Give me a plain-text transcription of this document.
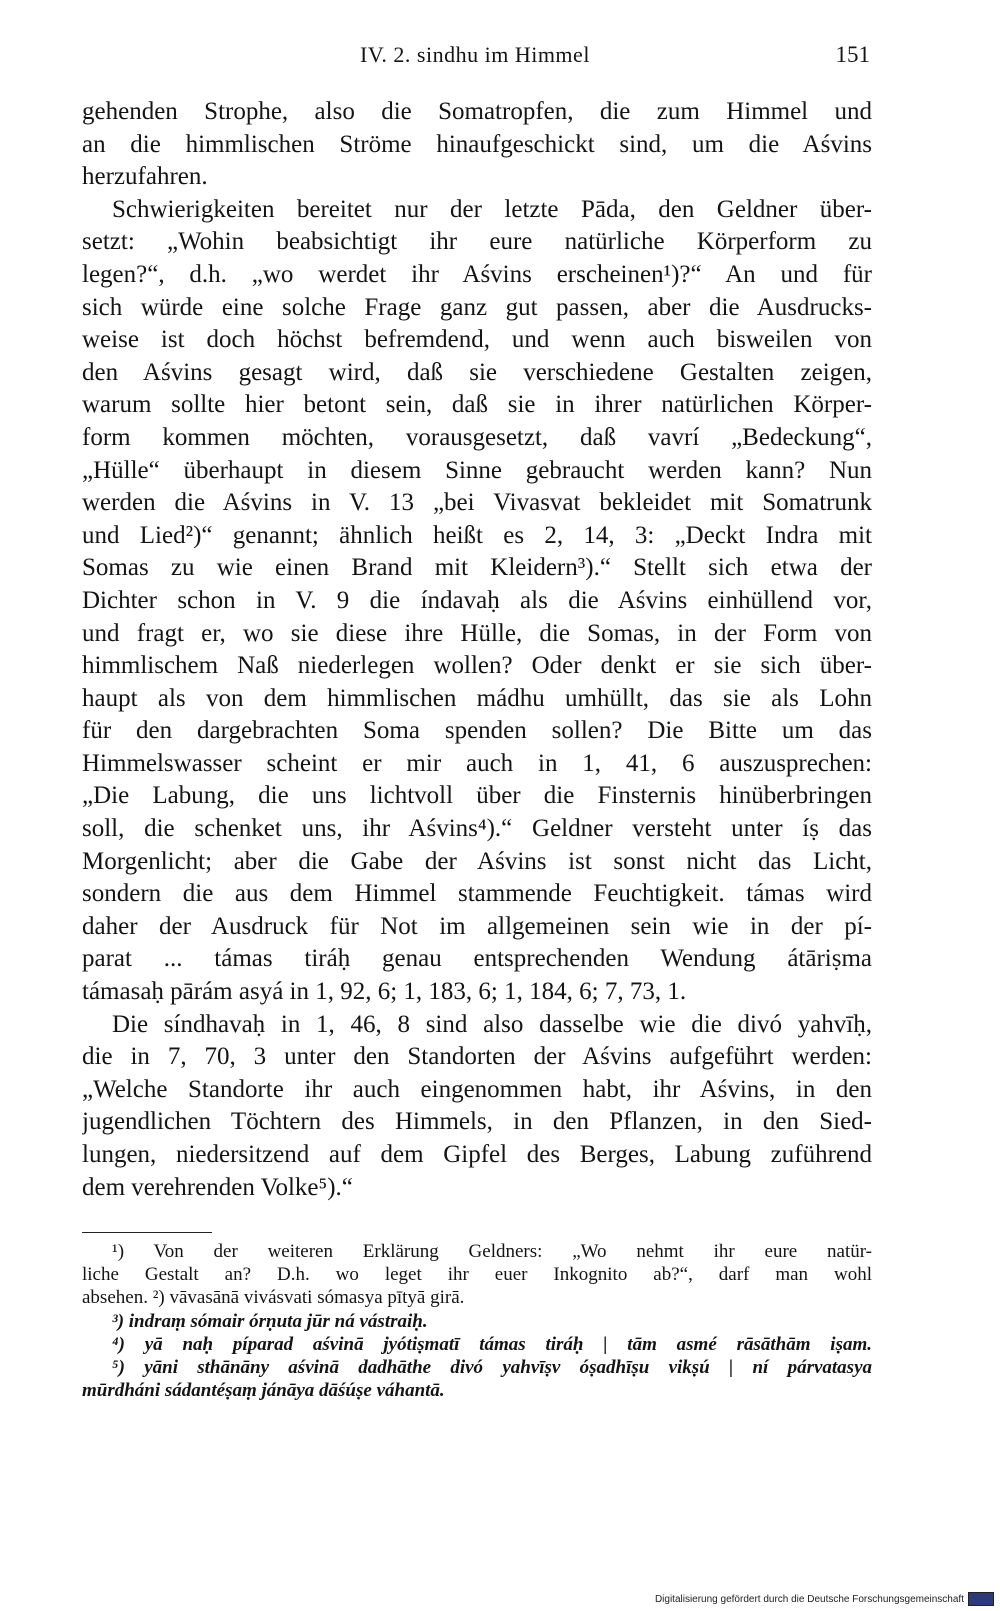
IV. 2. sindhu im Himmel	151
gehenden Strophe, also die Somatropfen, die zum Himmel und
an die himmlischen Ströme hinaufgeschickt sind, um die Aśvins
herzufahren.
Schwierigkeiten bereitet nur der letzte Pāda, den Geldner über-
setzt: „Wohin beabsichtigt ihr eure natürliche Körperform zu
legen?“, d.h. „wo werdet ihr Aśvins erscheinen¹)?“ An und für
sich würde eine solche Frage ganz gut passen, aber die Ausdrucks-
weise ist doch höchst befremdend, und wenn auch bisweilen von
den Aśvins gesagt wird, daß sie verschiedene Gestalten zeigen,
warum sollte hier betont sein, daß sie in ihrer natürlichen Körper-
form kommen möchten, vorausgesetzt, daß vavrí „Bedeckung“,
„Hülle“ überhaupt in diesem Sinne gebraucht werden kann? Nun
werden die Aśvins in V. 13 „bei Vivasvat bekleidet mit Somatrunk
und Lied²)“ genannt; ähnlich heißt es 2, 14, 3: „Deckt Indra mit
Somas zu wie einen Brand mit Kleidern³).“ Stellt sich etwa der
Dichter schon in V. 9 die índavaḥ als die Aśvins einhüllend vor,
und fragt er, wo sie diese ihre Hülle, die Somas, in der Form von
himmlischem Naß niederlegen wollen? Oder denkt er sie sich über-
haupt als von dem himmlischen mádhu umhüllt, das sie als Lohn
für den dargebrachten Soma spenden sollen? Die Bitte um das
Himmelswasser scheint er mir auch in 1, 41, 6 auszusprechen:
„Die Labung, die uns lichtvoll über die Finsternis hinüberbringen
soll, die schenket uns, ihr Aśvins⁴).“ Geldner versteht unter íṣ das
Morgenlicht; aber die Gabe der Aśvins ist sonst nicht das Licht,
sondern die aus dem Himmel stammende Feuchtigkeit. támas wird
daher der Ausdruck für Not im allgemeinen sein wie in der pí-
parat ... támas tiráḥ genau entsprechenden Wendung átāriṣma
támasaḥ pārám asyá in 1, 92, 6; 1, 183, 6; 1, 184, 6; 7, 73, 1.
Die síndhavaḥ in 1, 46, 8 sind also dasselbe wie die divó yahvīḥ,
die in 7, 70, 3 unter den Standorten der Aśvins aufgeführt werden:
„Welche Standorte ihr auch eingenommen habt, ihr Aśvins, in den
jugendlichen Töchtern des Himmels, in den Pflanzen, in den Sied-
lungen, niedersitzend auf dem Gipfel des Berges, Labung zuführend
dem verehrenden Volke⁵).“
¹) Von der weiteren Erklärung Geldners: „Wo nehmt ihr eure natür-
liche Gestalt an? D.h. wo leget ihr euer Inkognito ab?“, darf man wohl
absehen. ²) vāvasānā vivásvati sómasya pītyā girā.
³) indraṃ sómair órṇuta jūr ná vástraiḥ.
⁴) yā naḥ píparad aśvinā jyótiṣmatī támas tiráḥ | tām asmé rāsāthām iṣam.
⁵) yāni sthānāny aśvinā dadhāthe divó yahvīṣv óṣadhīṣu vikṣú | ní párvatasya
mūrdháni sádantéṣaṃ jánāya dāśúṣe váhantā.
Digitalisierung gefördert durch die Deutsche Forschungsgemeinschaft
